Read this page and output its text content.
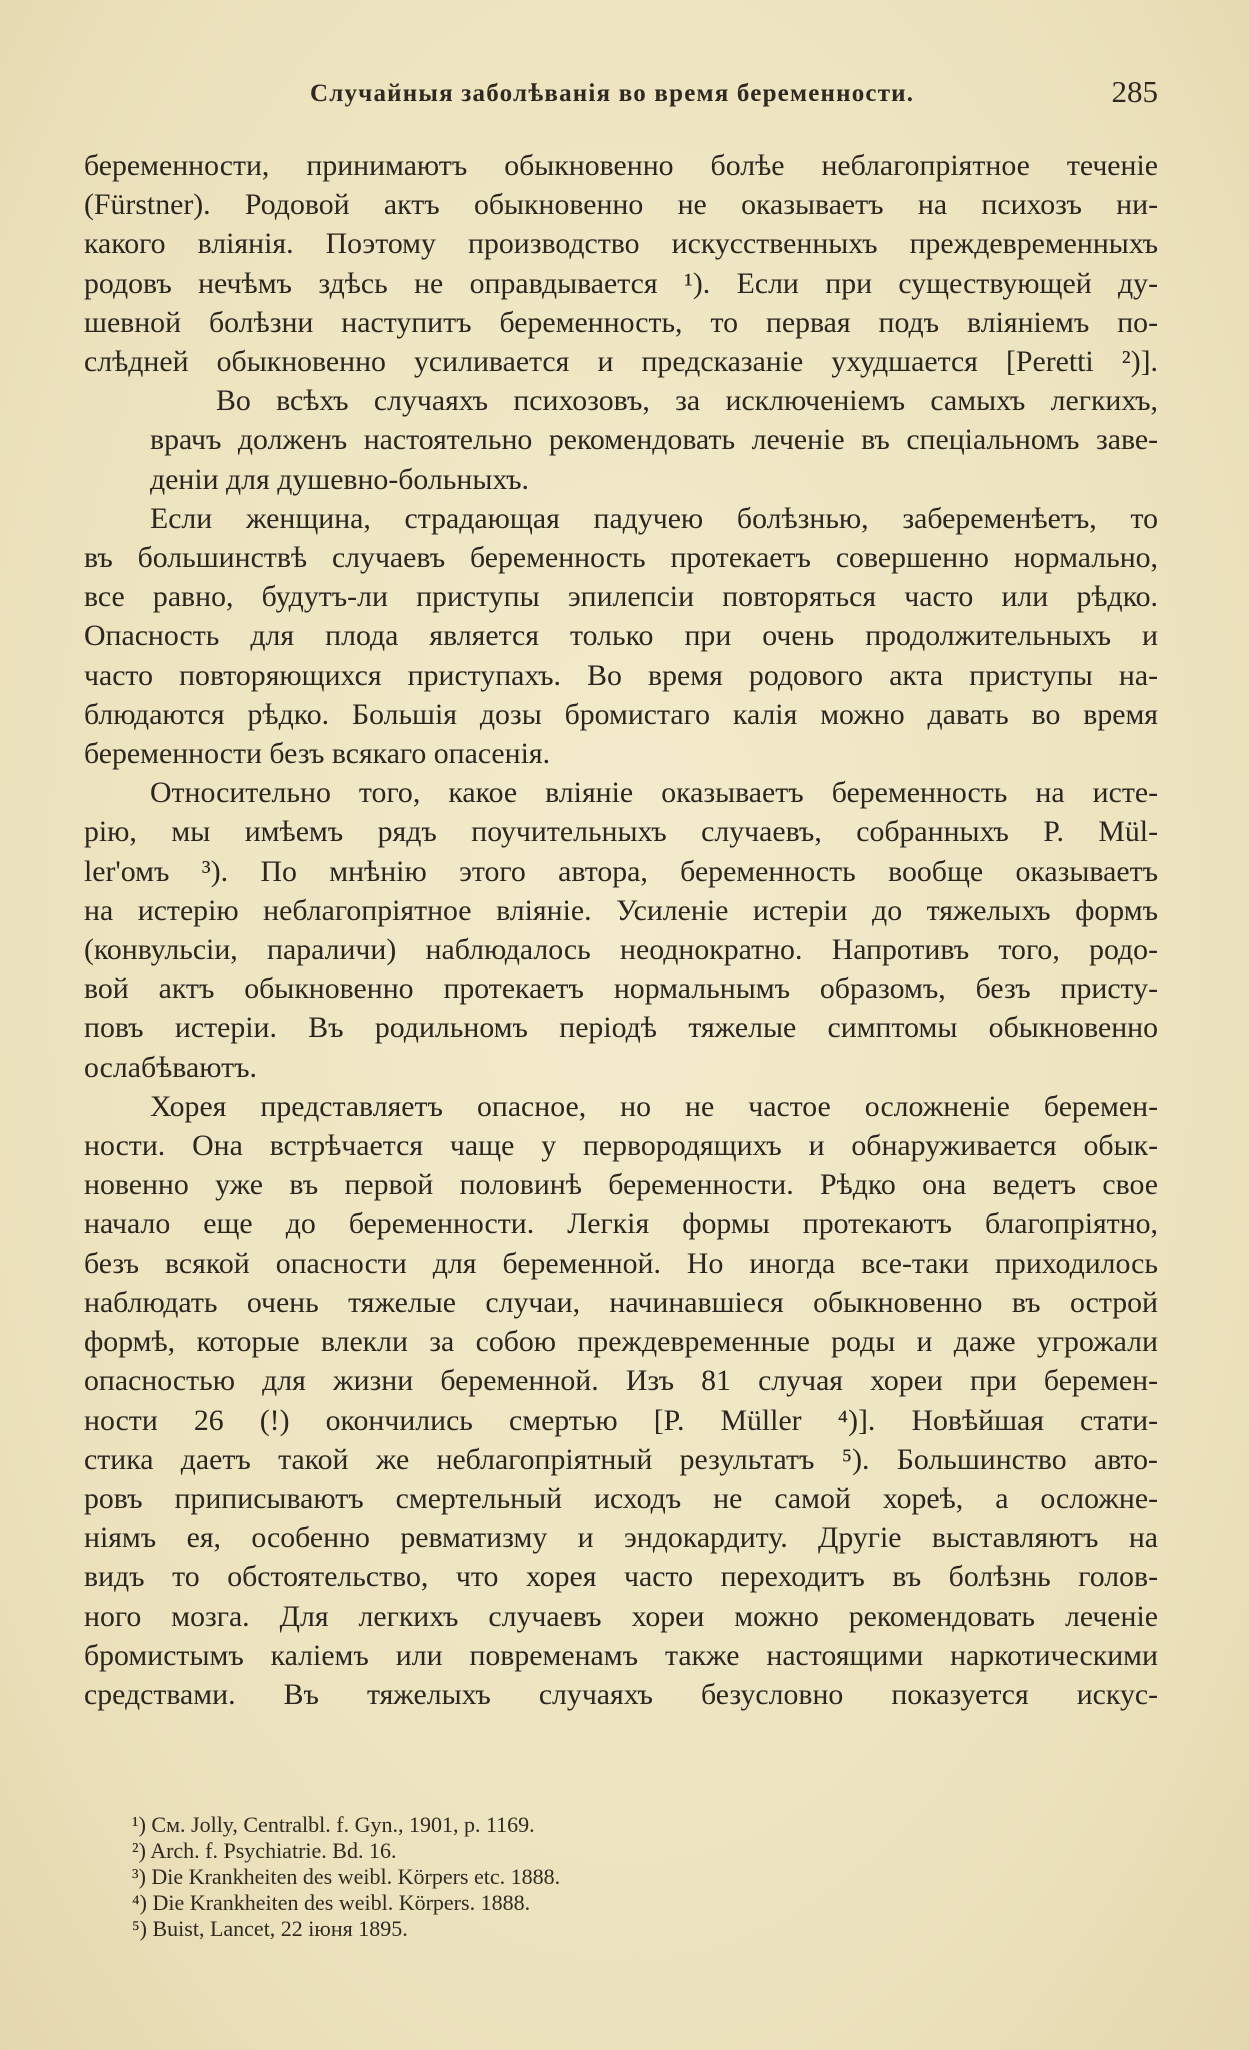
Случайныя заболѣванія во время беременности.	285

беременности, принимаютъ обыкновенно болѣе неблагопріятное теченіе
(Fürstner). Родовой актъ обыкновенно не оказываетъ на психозъ ни-
какого вліянія. Поэтому производство искусственныхъ преждевременныхъ
родовъ нечѣмъ здѣсь не оправдывается ¹). Если при существующей ду-
шевной болѣзни наступитъ беременность, то первая подъ вліяніемъ по-
слѣдней обыкновенно усиливается и предсказаніе ухудшается [Peretti ²)].

Во всѣхъ случаяхъ психозовъ, за исключеніемъ самыхъ легкихъ,
врачъ долженъ настоятельно рекомендовать леченіе въ спеціальномъ заве-
деніи для душевно-больныхъ.

Если женщина, страдающая падучею болѣзнью, забеременѣетъ, то
въ большинствѣ случаевъ беременность протекаетъ совершенно нормально,
все равно, будутъ-ли приступы эпилепсіи повторяться часто или рѣдко.
Опасность для плода является только при очень продолжительныхъ и
часто повторяющихся приступахъ. Во время родового акта приступы на-
блюдаются рѣдко. Большія дозы бромистаго калія можно давать во время
беременности безъ всякаго опасенія.

Относительно того, какое вліяніе оказываетъ беременность на исте-
рію, мы имѣемъ рядъ поучительныхъ случаевъ, собранныхъ P. Mül-
ler'омъ ³). По мнѣнію этого автора, беременность вообще оказываетъ
на истерію неблагопріятное вліяніе. Усиленіе истеріи до тяжелыхъ формъ
(конвульсіи, параличи) наблюдалось неоднократно. Напротивъ того, родо-
вой актъ обыкновенно протекаетъ нормальнымъ образомъ, безъ присту-
повъ истеріи. Въ родильномъ періодѣ тяжелые симптомы обыкновенно
ослабѣваютъ.

Хорея представляетъ опасное, но не частое осложненіе беремен-
ности. Она встрѣчается чаще у первородящихъ и обнаруживается обык-
новенно уже въ первой половинѣ беременности. Рѣдко она ведетъ свое
начало еще до беременности. Легкія формы протекаютъ благопріятно,
безъ всякой опасности для беременной. Но иногда все-таки приходилось
наблюдать очень тяжелые случаи, начинавшіеся обыкновенно въ острой
формѣ, которые влекли за собою преждевременные роды и даже угрожали
опасностью для жизни беременной. Изъ 81 случая хореи при беремен-
ности 26 (!) окончились смертью [P. Müller ⁴)]. Новѣйшая стати-
стика даетъ такой же неблагопріятный результатъ ⁵). Большинство авто-
ровъ приписываютъ смертельный исходъ не самой хореѣ, а осложне-
ніямъ ея, особенно ревматизму и эндокардиту. Другіе выставляютъ на
видъ то обстоятельство, что хорея часто переходитъ въ болѣзнь голов-
ного мозга. Для легкихъ случаевъ хореи можно рекомендовать леченіе
бромистымъ каліемъ или повременамъ также настоящими наркотическими
средствами. Въ тяжелыхъ случаяхъ безусловно показуется искус-

¹) См. Jolly, Centralbl. f. Gyn., 1901, p. 1169.
²) Arch. f. Psychiatrie. Bd. 16.
³) Die Krankheiten des weibl. Körpers etc. 1888.
⁴) Die Krankheiten des weibl. Körpers. 1888.
⁵) Buist, Lancet, 22 іюня 1895.
